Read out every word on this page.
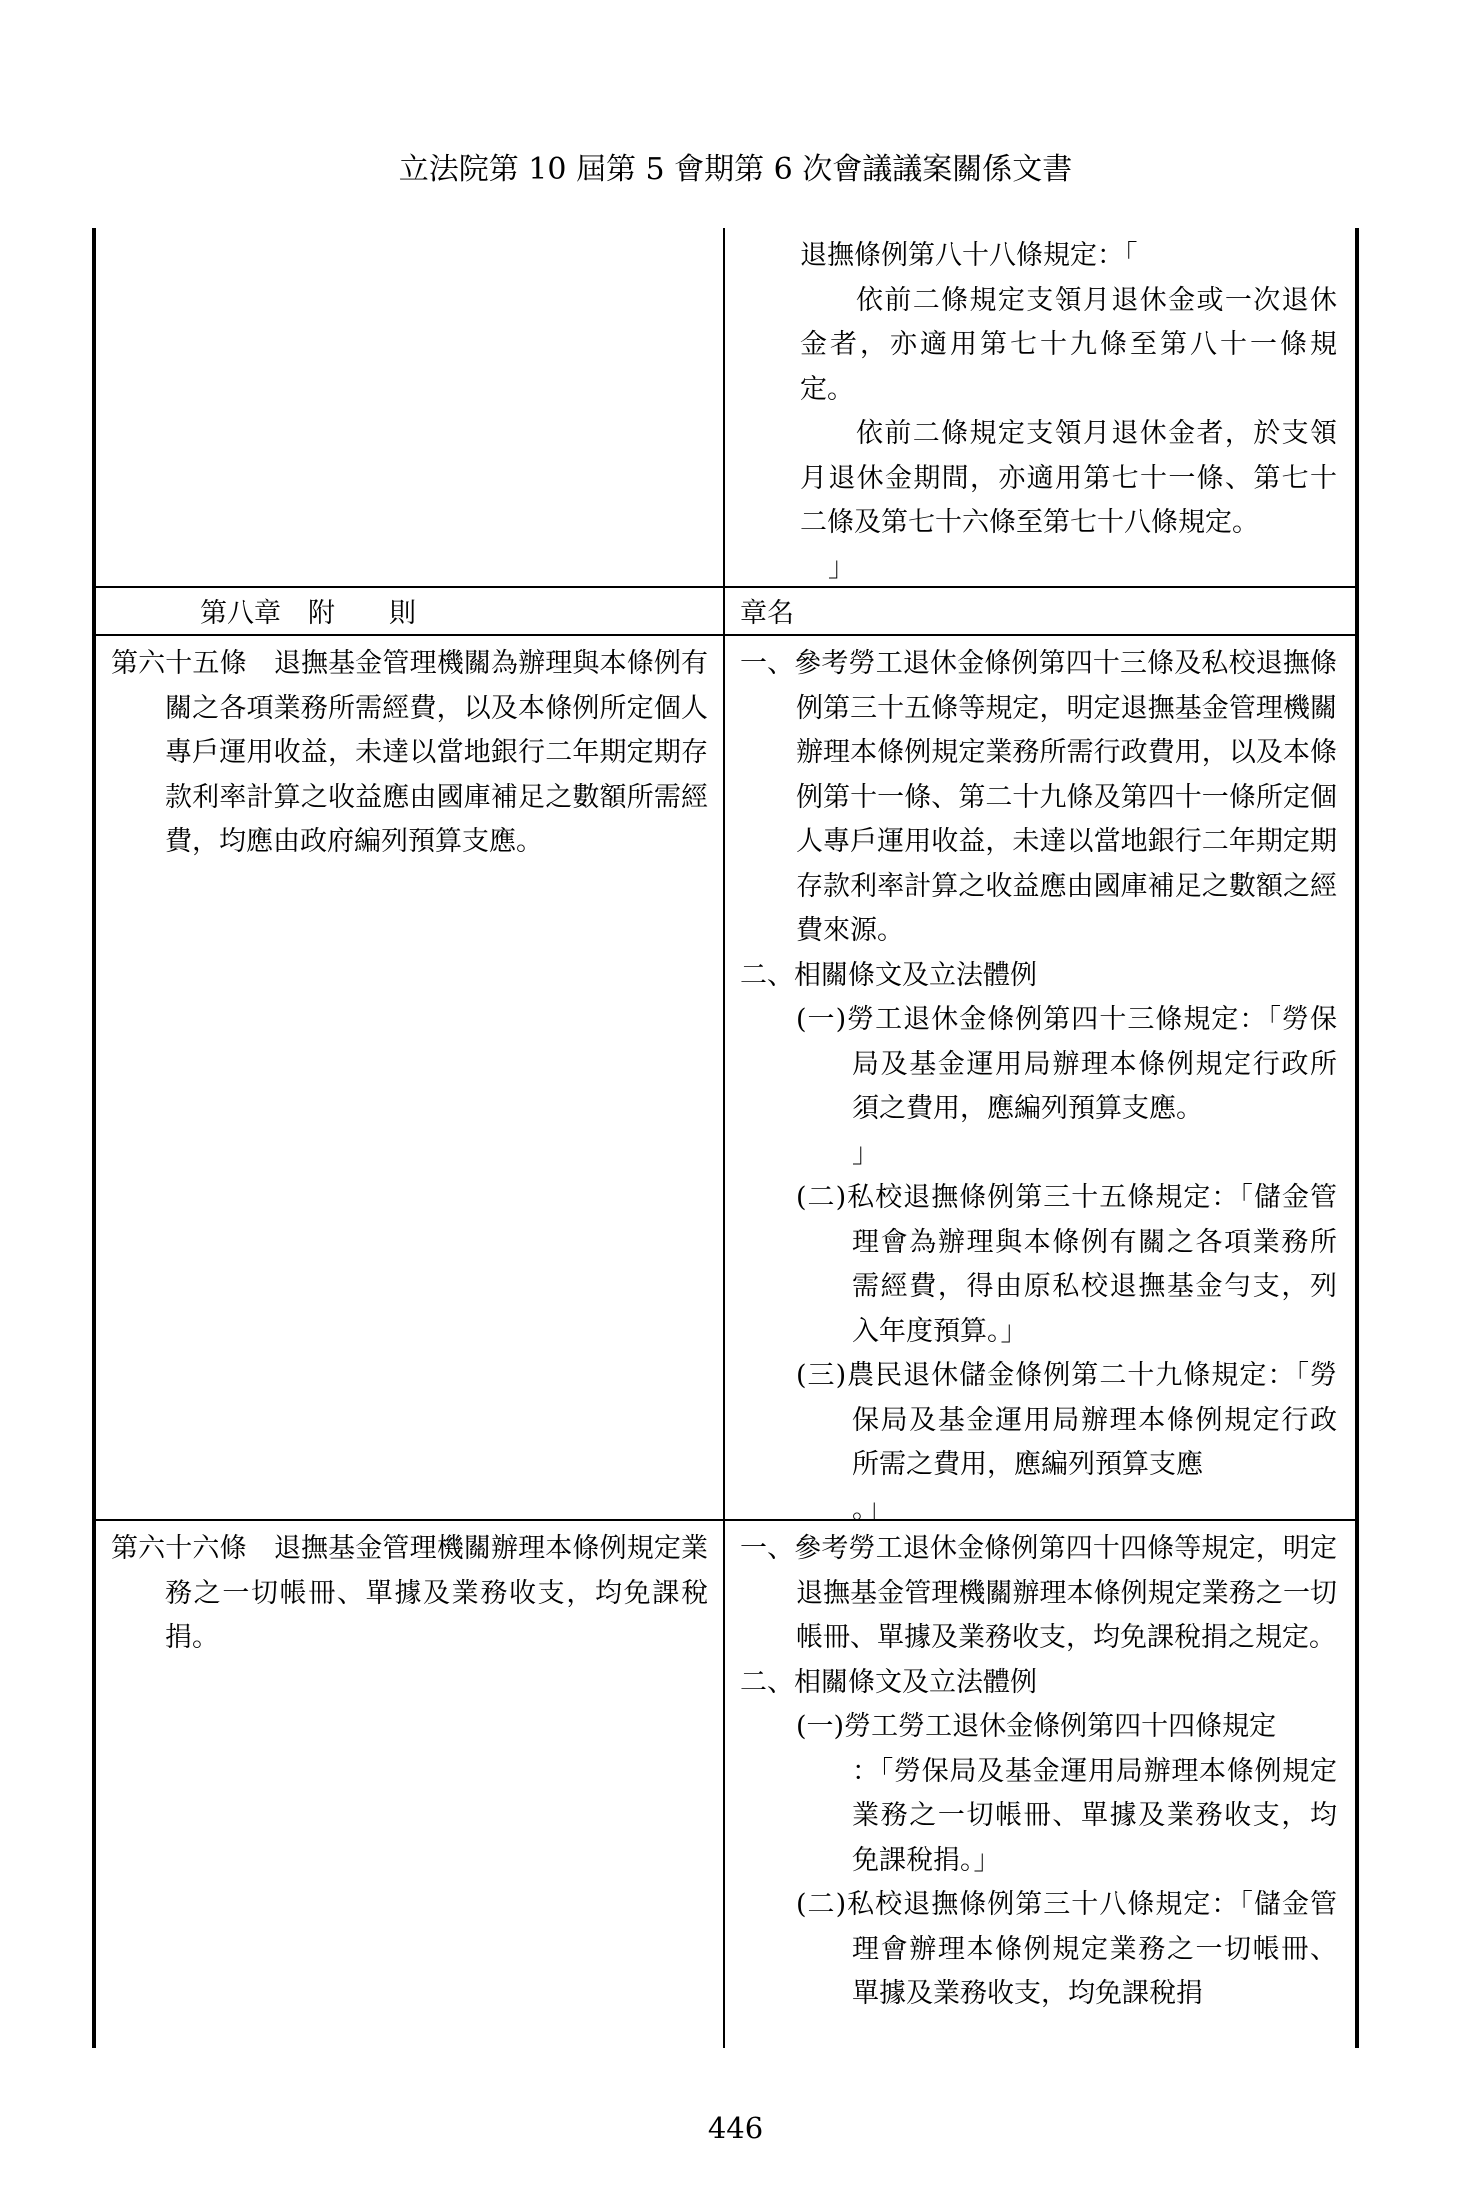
立法院第 10 屆第 5 會期第 6 次會議議案關係文書

退撫條例第八十八條規定：「

依前二條規定支領月退休金或一次退休金者，亦適用第七十九條至第八十一條規定。

依前二條規定支領月退休金者，於支領月退休金期間，亦適用第七十一條、第七十二條及第七十六條至第七十八條規定。

」

第八章　附　　則	章名

第六十五條　退撫基金管理機關為辦理與本條例有關之各項業務所需經費，以及本條例所定個人專戶運用收益，未達以當地銀行二年期定期存款利率計算之收益應由國庫補足之數額所需經費，均應由政府編列預算支應。

一、參考勞工退休金條例第四十三條及私校退撫條例第三十五條等規定，明定退撫基金管理機關辦理本條例規定業務所需行政費用，以及本條例第十一條、第二十九條及第四十一條所定個人專戶運用收益，未達以當地銀行二年期定期存款利率計算之收益應由國庫補足之數額之經費來源。

二、相關條文及立法體例

(一)勞工退休金條例第四十三條規定：「勞保局及基金運用局辦理本條例規定行政所須之費用，應編列預算支應。

」

(二)私校退撫條例第三十五條規定：「儲金管理會為辦理與本條例有關之各項業務所需經費，得由原私校退撫基金勻支，列入年度預算。」

(三)農民退休儲金條例第二十九條規定：「勞保局及基金運用局辦理本條例規定行政所需之費用，應編列預算支應

。」

第六十六條　退撫基金管理機關辦理本條例規定業務之一切帳冊、單據及業務收支，均免課稅捐。

一、參考勞工退休金條例第四十四條等規定，明定退撫基金管理機關辦理本條例規定業務之一切帳冊、單據及業務收支，均免課稅捐之規定。

二、相關條文及立法體例

(一)勞工勞工退休金條例第四十四條規定

：「勞保局及基金運用局辦理本條例規定業務之一切帳冊、單據及業務收支，均免課稅捐。」

(二)私校退撫條例第三十八條規定：「儲金管理會辦理本條例規定業務之一切帳冊、單據及業務收支，均免課稅捐

446
